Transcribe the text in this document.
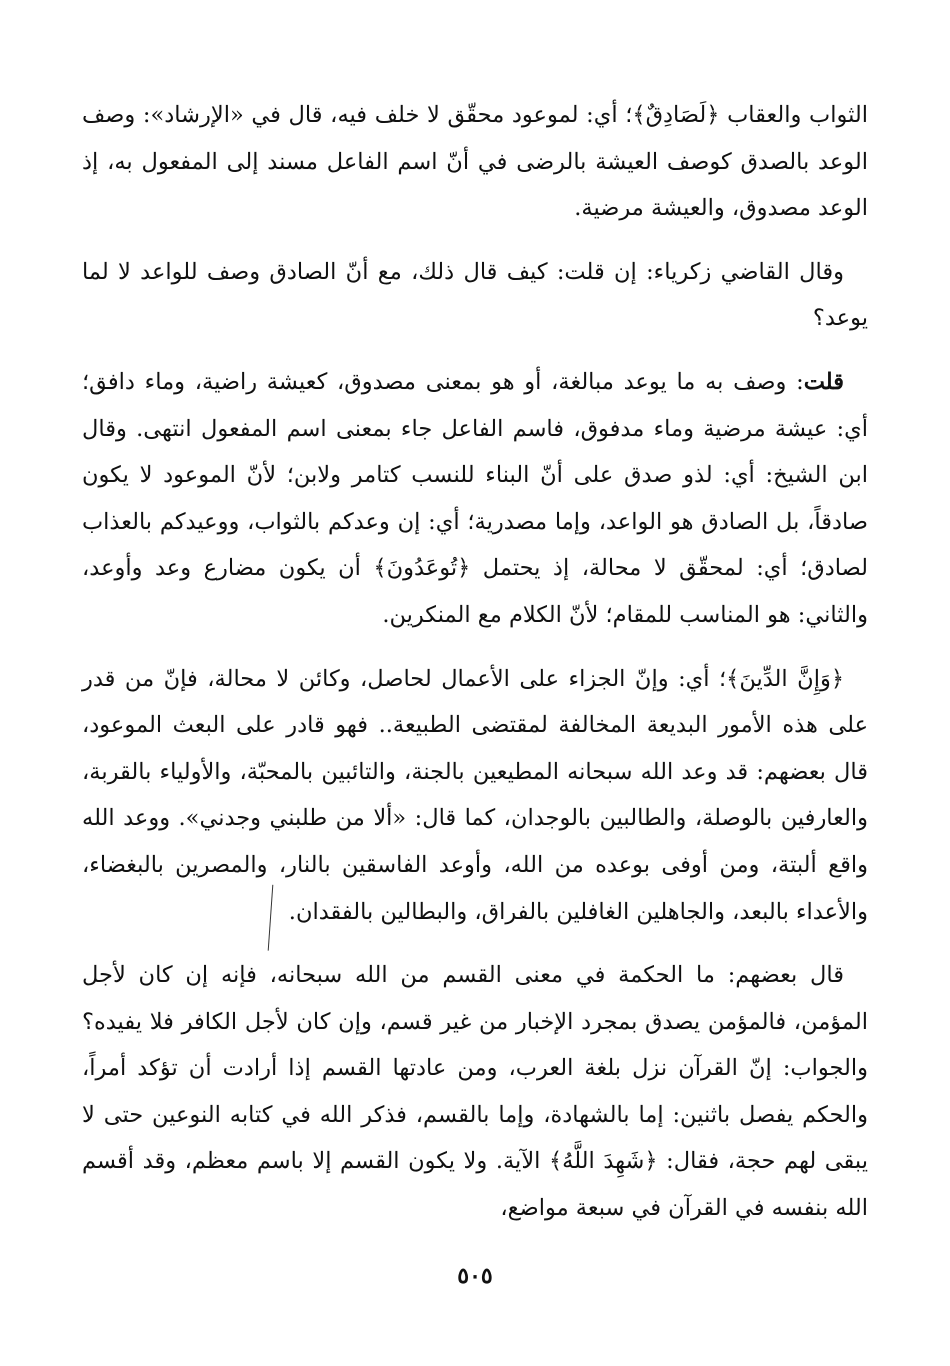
الثواب والعقاب ﴿لَصَادِقٌ﴾؛ أي: لموعود محقّق لا خلف فيه، قال في «الإرشاد»: وصف الوعد بالصدق كوصف العيشة بالرضى في أنّ اسم الفاعل مسند إلى المفعول به، إذ الوعد مصدوق، والعيشة مرضية.

وقال القاضي زكرياء: إن قلت: كيف قال ذلك، مع أنّ الصادق وصف للواعد لا لما يوعد؟

قلت: وصف به ما يوعد مبالغة، أو هو بمعنى مصدوق، كعيشة راضية، وماء دافق؛ أي: عيشة مرضية وماء مدفوق، فاسم الفاعل جاء بمعنى اسم المفعول انتهى. وقال ابن الشيخ: أي: لذو صدق على أنّ البناء للنسب كتامر ولابن؛ لأنّ الموعود لا يكون صادقاً، بل الصادق هو الواعد، وإما مصدرية؛ أي: إن وعدكم بالثواب، ووعيدكم بالعذاب لصادق؛ أي: لمحقّق لا محالة، إذ يحتمل ﴿تُوعَدُونَ﴾ أن يكون مضارع وعد وأوعد، والثاني: هو المناسب للمقام؛ لأنّ الكلام مع المنكرين.

﴿وَإِنَّ الدِّينَ﴾؛ أي: وإنّ الجزاء على الأعمال لحاصل، وكائن لا محالة، فإنّ من قدر على هذه الأمور البديعة المخالفة لمقتضى الطبيعة.. فهو قادر على البعث الموعود، قال بعضهم: قد وعد الله سبحانه المطيعين بالجنة، والتائبين بالمحبّة، والأولياء بالقربة، والعارفين بالوصلة، والطالبين بالوجدان، كما قال: «ألا من طلبني وجدني». ووعد الله واقع ألبتة، ومن أوفى بوعده من الله، وأوعد الفاسقين بالنار، والمصرين بالبغضاء، والأعداء بالبعد، والجاهلين الغافلين بالفراق، والبطالين بالفقدان.

قال بعضهم: ما الحكمة في معنى القسم من الله سبحانه، فإنه إن كان لأجل المؤمن، فالمؤمن يصدق بمجرد الإخبار من غير قسم، وإن كان لأجل الكافر فلا يفيده؟ والجواب: إنّ القرآن نزل بلغة العرب، ومن عادتها القسم إذا أرادت أن تؤكد أمراً، والحكم يفصل باثنين: إما بالشهادة، وإما بالقسم، فذكر الله في كتابه النوعين حتى لا يبقى لهم حجة، فقال: ﴿شَهِدَ اللَّهُ﴾ الآية. ولا يكون القسم إلا باسم معظم، وقد أقسم الله بنفسه في القرآن في سبعة مواضع،

٥٠٥
